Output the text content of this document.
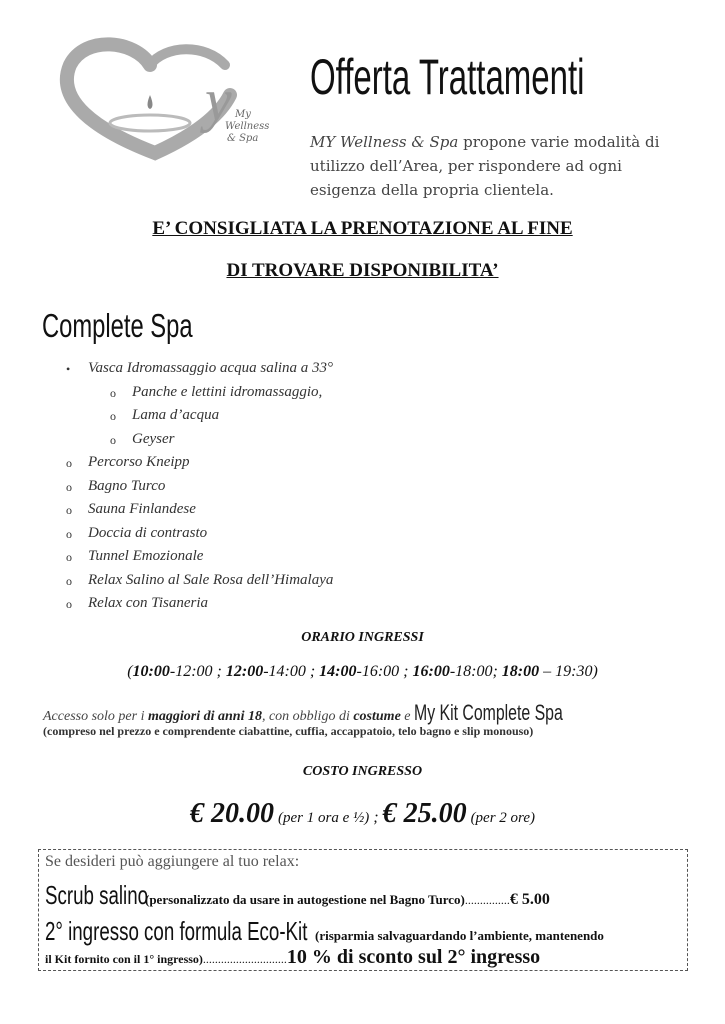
y My
Wellness
& Spa
Offerta Trattamenti
MY Wellness & Spa propone varie modalità di utilizzo dell’Area, per rispondere ad ogni esigenza della propria clientela.
E’ CONSIGLIATA LA PRENOTAZIONE AL FINE
DI TROVARE DISPONIBILITA’
Complete Spa
• Vasca Idromassaggio acqua salina a 33°
o Panche e lettini idromassaggio,
o Lama d’acqua
o Geyser
o Percorso Kneipp
o Bagno Turco
o Sauna Finlandese
o Doccia di contrasto
o Tunnel Emozionale
o Relax Salino al Sale Rosa dell’Himalaya
o Relax con Tisaneria
ORARIO INGRESSI
(10:00-12:00 ; 12:00-14:00 ; 14:00-16:00 ; 16:00-18:00; 18:00 – 19:30)
Accesso solo per i maggiori di anni 18, con obbligo di costume e My Kit Complete Spa
(compreso nel prezzo e comprendente ciabattine, cuffia, accappatoio, telo bagno e slip monouso)
COSTO INGRESSO
€ 20.00 (per 1 ora e ½) ; € 25.00 (per 2 ore)
Se desideri può aggiungere al tuo relax:
Scrub salino(personalizzato da usare in autogestione nel Bagno Turco)...............€ 5.00
2° ingresso con formula Eco-Kit (risparmia salvaguardando l’ambiente, mantenendo
il Kit fornito con il 1° ingresso)............................10 % di sconto sul 2° ingresso
